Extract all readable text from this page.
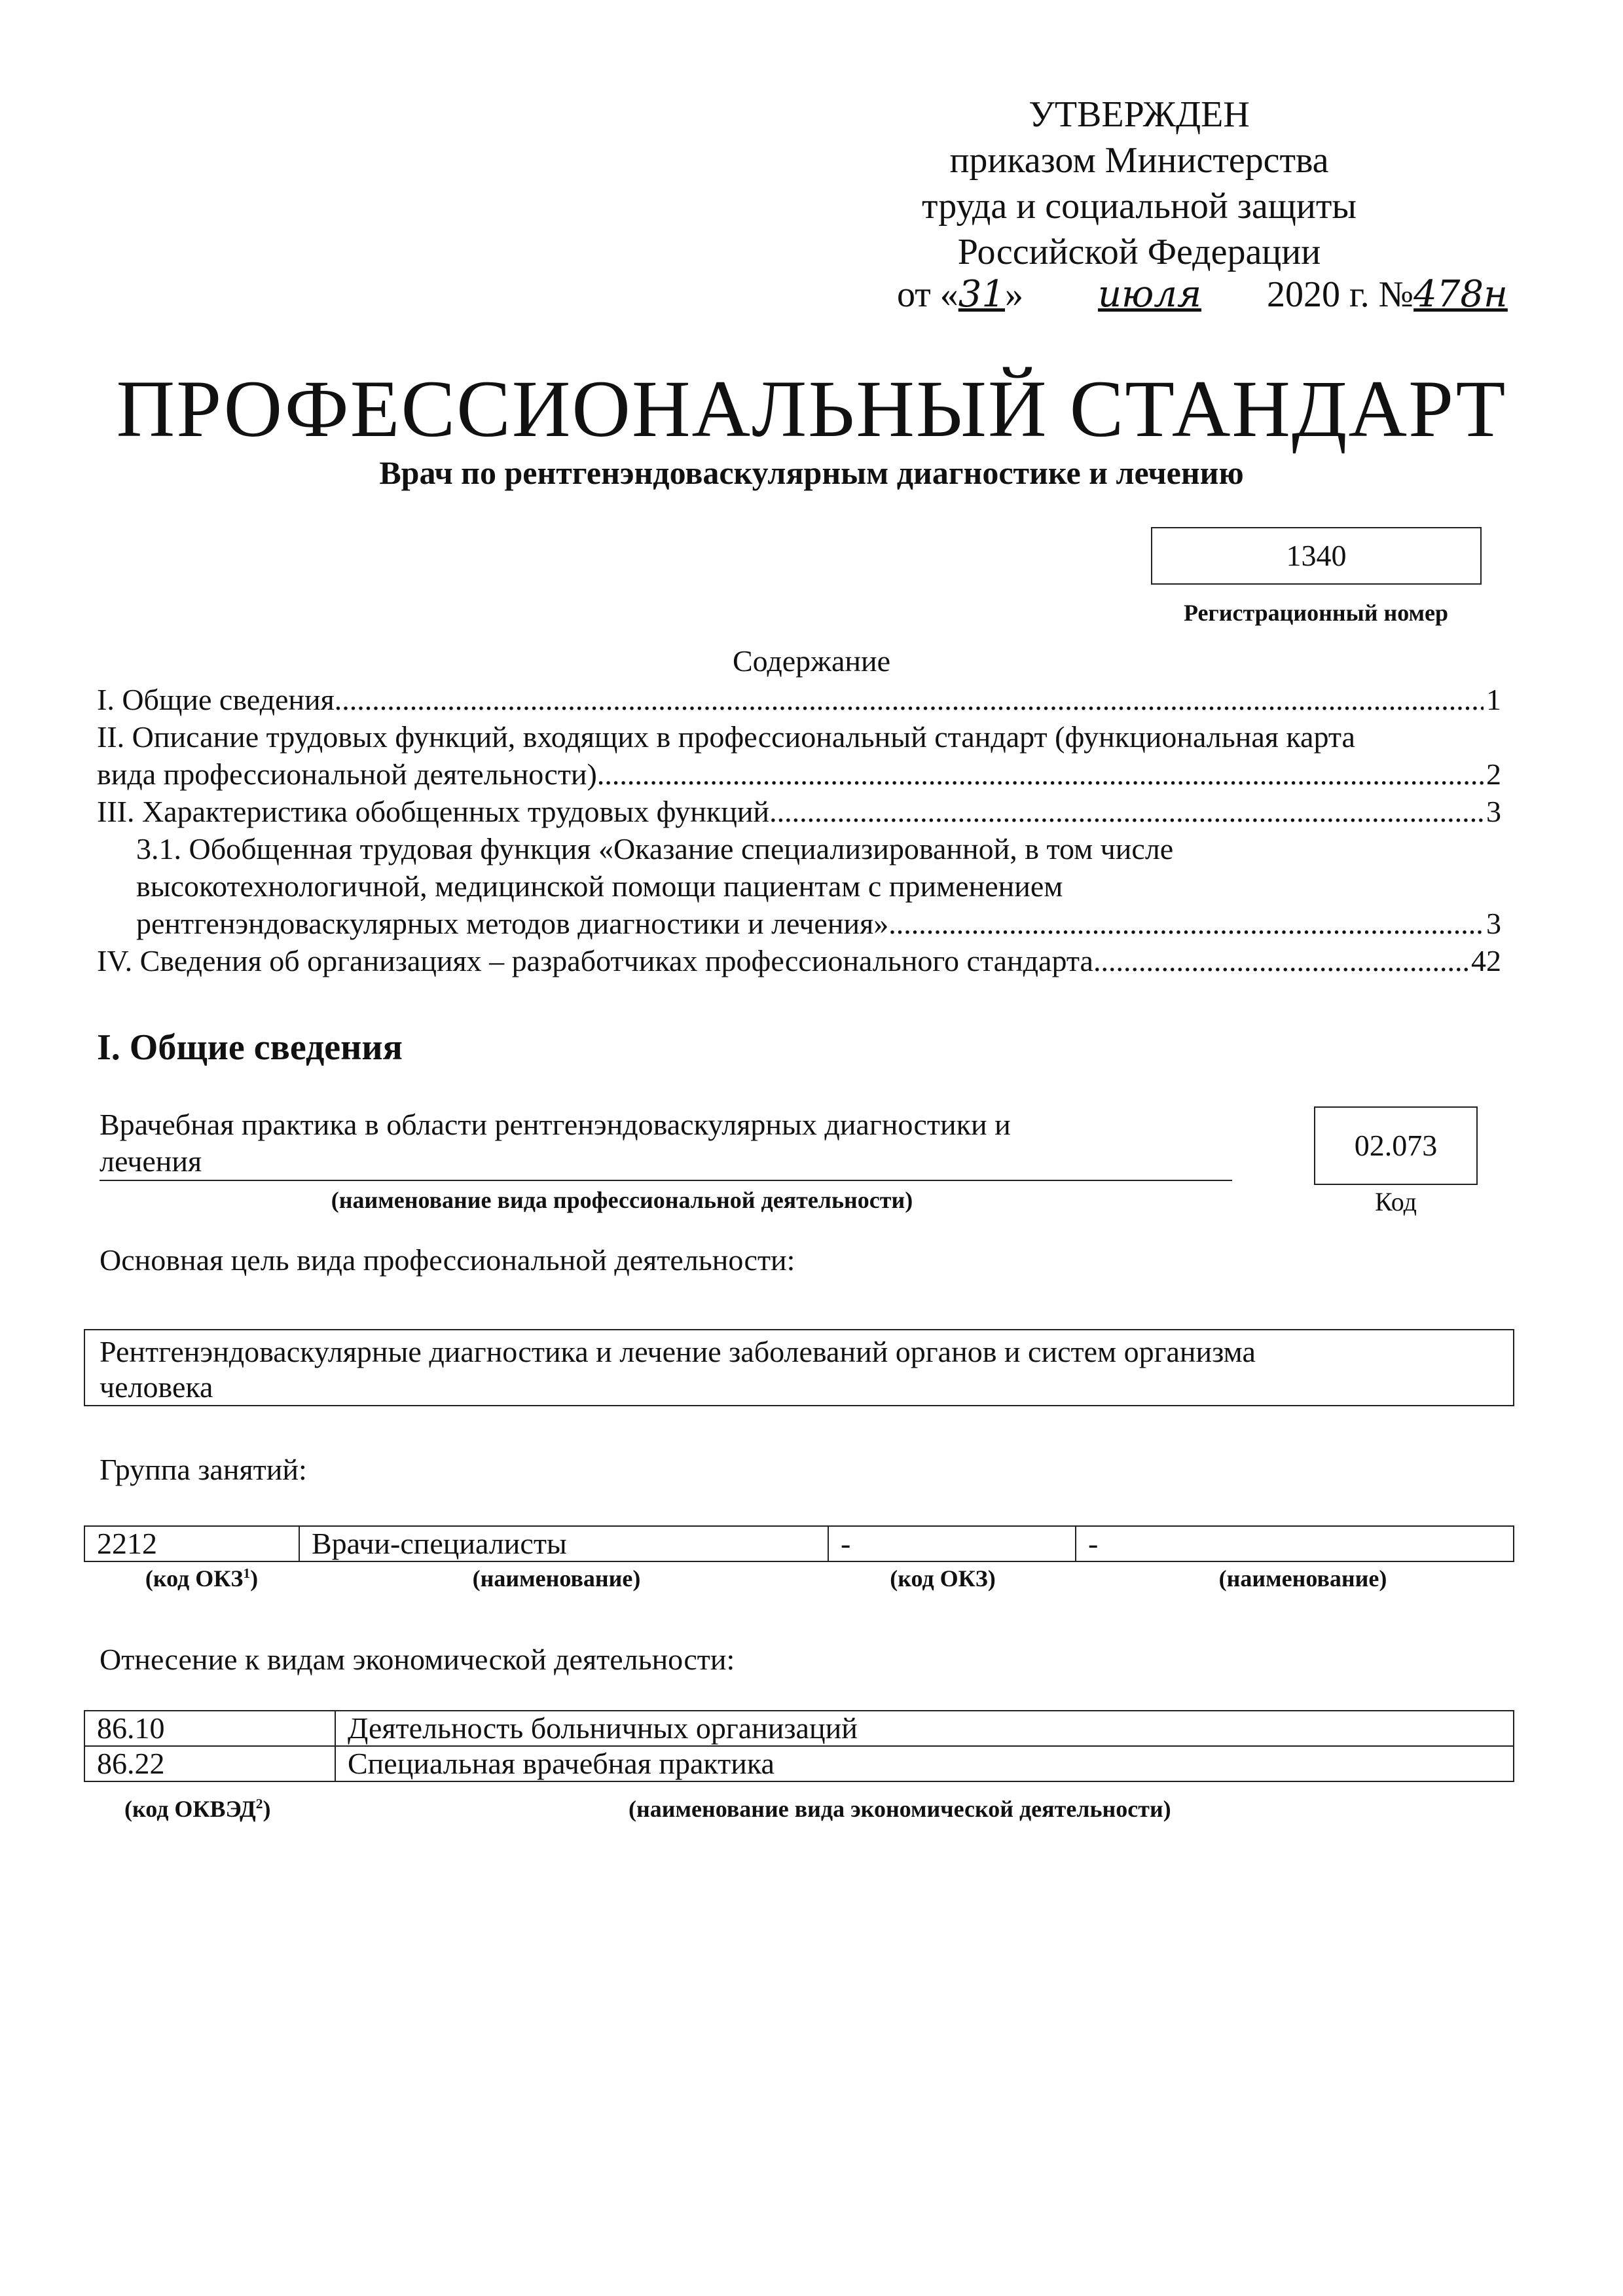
УТВЕРЖДЕН
приказом Министерства
труда и социальной защиты
Российской Федерации
от «31» июля 2020 г. №478н
ПРОФЕССИОНАЛЬНЫЙ СТАНДАРТ
Врач по рентгенэндоваскулярным диагностике и лечению
1340
Регистрационный номер
Содержание
I. Общие сведения .....	1
II. Описание трудовых функций, входящих в профессиональный стандарт (функциональная карта
вида профессиональной деятельности) .....	2
III. Характеристика обобщенных трудовых функций .....	3
3.1. Обобщенная трудовая функция «Оказание специализированной, в том числе
высокотехнологичной, медицинской помощи пациентам с применением
рентгенэндоваскулярных методов диагностики и лечения» .....	3
IV. Сведения об организациях – разработчиках профессионального стандарта .....	42
I. Общие сведения
Врачебная практика в области рентгенэндоваскулярных диагностики и
лечения
(наименование вида профессиональной деятельности)
02.073
Код
Основная цель вида профессиональной деятельности:
Рентгенэндоваскулярные диагностика и лечение заболеваний органов и систем организма
человека
Группа занятий:
2212	Врачи-специалисты	-	-
(код ОКЗ$^1$)	(наименование)	(код ОКЗ)	(наименование)
Отнесение к видам экономической деятельности:
86.10	Деятельность больничных организаций
86.22	Специальная врачебная практика
(код ОКВЭД$^2$)	(наименование вида экономической деятельности)
